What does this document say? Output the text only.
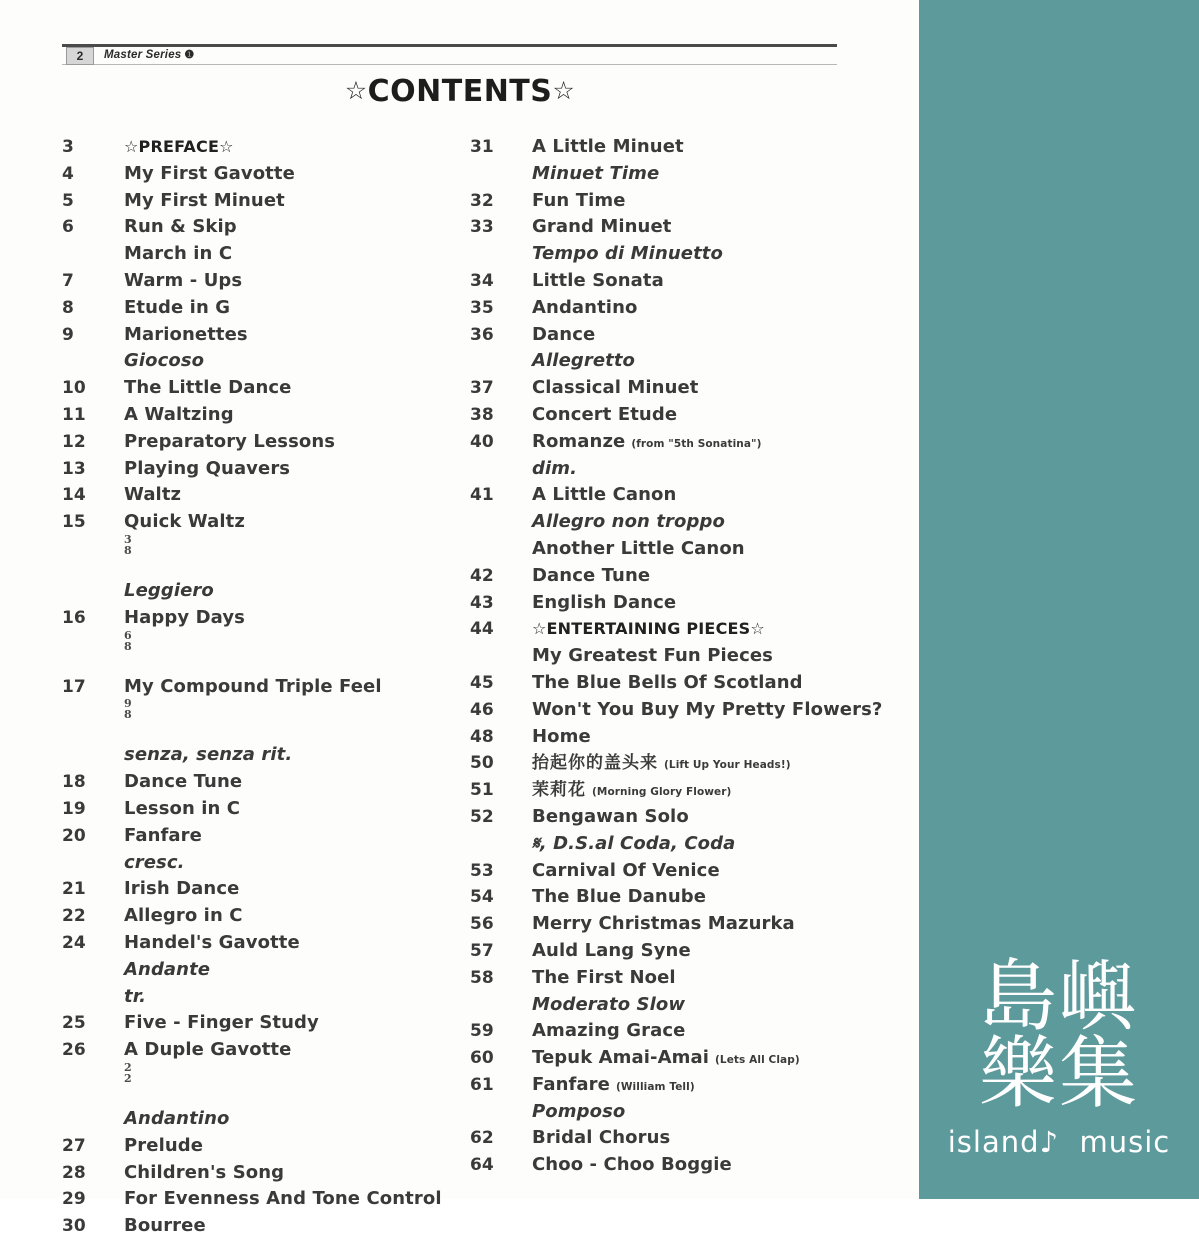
島嶼
樂集
island♪ music
2	Master Series ❶
☆CONTENTS☆
3	☆PREFACE☆
4	My First Gavotte
5	My First Minuet
6	Run & Skip
March in C
7	Warm - Ups
8	Etude in G
9	Marionettes
Giocoso
10	The Little Dance
11	A Waltzing
12	Preparatory Lessons
13	Playing Quavers
14	Waltz
15	Quick Waltz
3
8
Leggiero
16	Happy Days
6
8
17	My Compound Triple Feel
9
8
senza, senza rit.
18	Dance Tune
19	Lesson in C
20	Fanfare
cresc.
21	Irish Dance
22	Allegro in C
24	Handel's Gavotte
Andante
tr.
25	Five - Finger Study
26	A Duple Gavotte
2
2
Andantino
27	Prelude
28	Children's Song
29	For Evenness And Tone Control
30	Bourree
31	A Little Minuet
Minuet Time
32	Fun Time
33	Grand Minuet
Tempo di Minuetto
34	Little Sonata
35	Andantino
36	Dance
Allegretto
37	Classical Minuet
38	Concert Etude
40	Romanze (from "5th Sonatina")
dim.
41	A Little Canon
Allegro non troppo
Another Little Canon
42	Dance Tune
43	English Dance
44	☆ENTERTAINING PIECES☆
My Greatest Fun Pieces
45	The Blue Bells Of Scotland
46	Won't You Buy My Pretty Flowers?
48	Home
50	抬起你的盖头来 (Lift Up Your Heads!)
51	茉莉花 (Morning Glory Flower)
52	Bengawan Solo
𝄋, D.S.al Coda, Coda
53	Carnival Of Venice
54	The Blue Danube
56	Merry Christmas Mazurka
57	Auld Lang Syne
58	The First Noel
Moderato Slow
59	Amazing Grace
60	Tepuk Amai-Amai (Lets All Clap)
61	Fanfare (William Tell)
Pomposo
62	Bridal Chorus
64	Choo - Choo Boggie
